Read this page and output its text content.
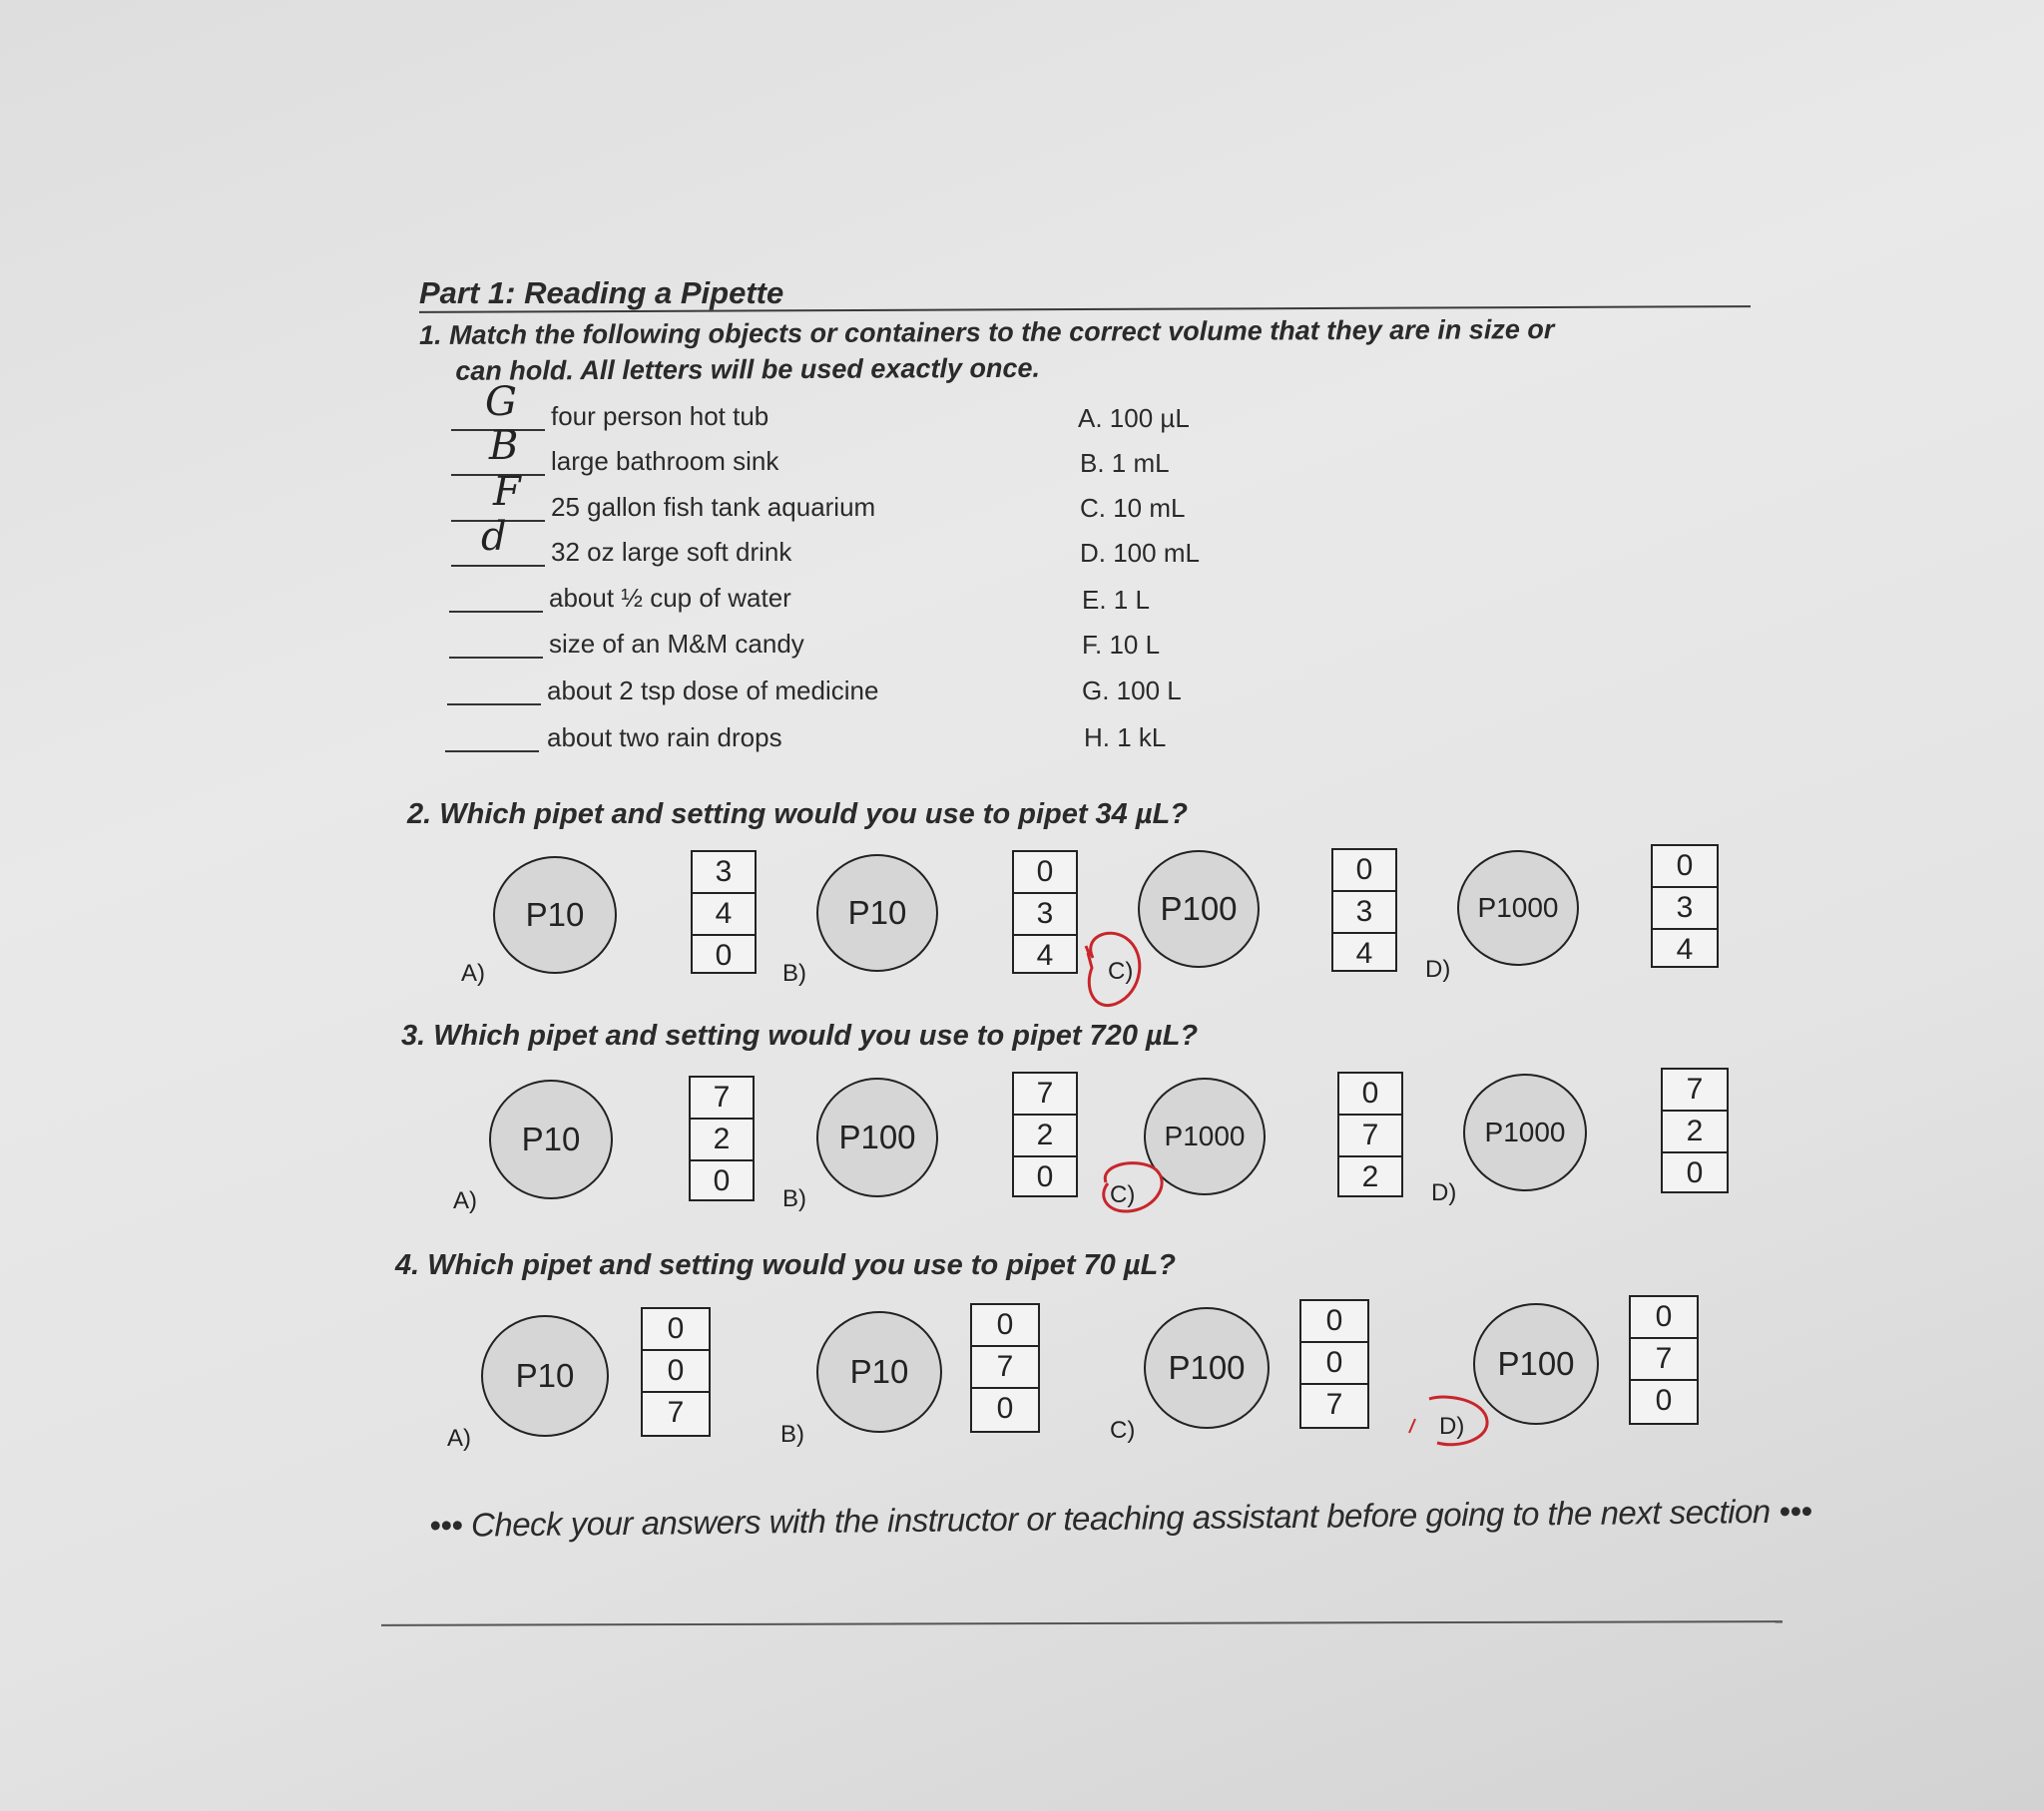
Part 1: Reading a Pipette
1. Match the following objects or containers to the correct volume that they are in size or
can hold. All letters will be used exactly once.
G four person hot tub
B large bathroom sink
F 25 gallon fish tank aquarium
d 32 oz large soft drink
about ½ cup of water
size of an M&M candy
about 2 tsp dose of medicine
about two rain drops
A. 100 µL
B. 1 mL
C. 10 mL
D. 100 mL
E. 1 L
F. 10 L
G. 100 L
H. 1 kL
2. Which pipet and setting would you use to pipet 34 µL?
A)
P10
3
4
0
B)
P10
0
3
4	C)
P100
0
3
4	D)
P1000
0
3
4
3. Which pipet and setting would you use to pipet 720 µL?
A)
P10
7
2
0
B)
P100
7
2
0
C)
P1000
0
7
2	D)
P1000
7
2
0
4. Which pipet and setting would you use to pipet 70 µL?
A)
P10
0
0
7
B)
P10
0
7
0
C)
P100
0
0
7
D)
P100
0
7
0
••• Check your answers with the instructor or teaching assistant before going to the next section •••
